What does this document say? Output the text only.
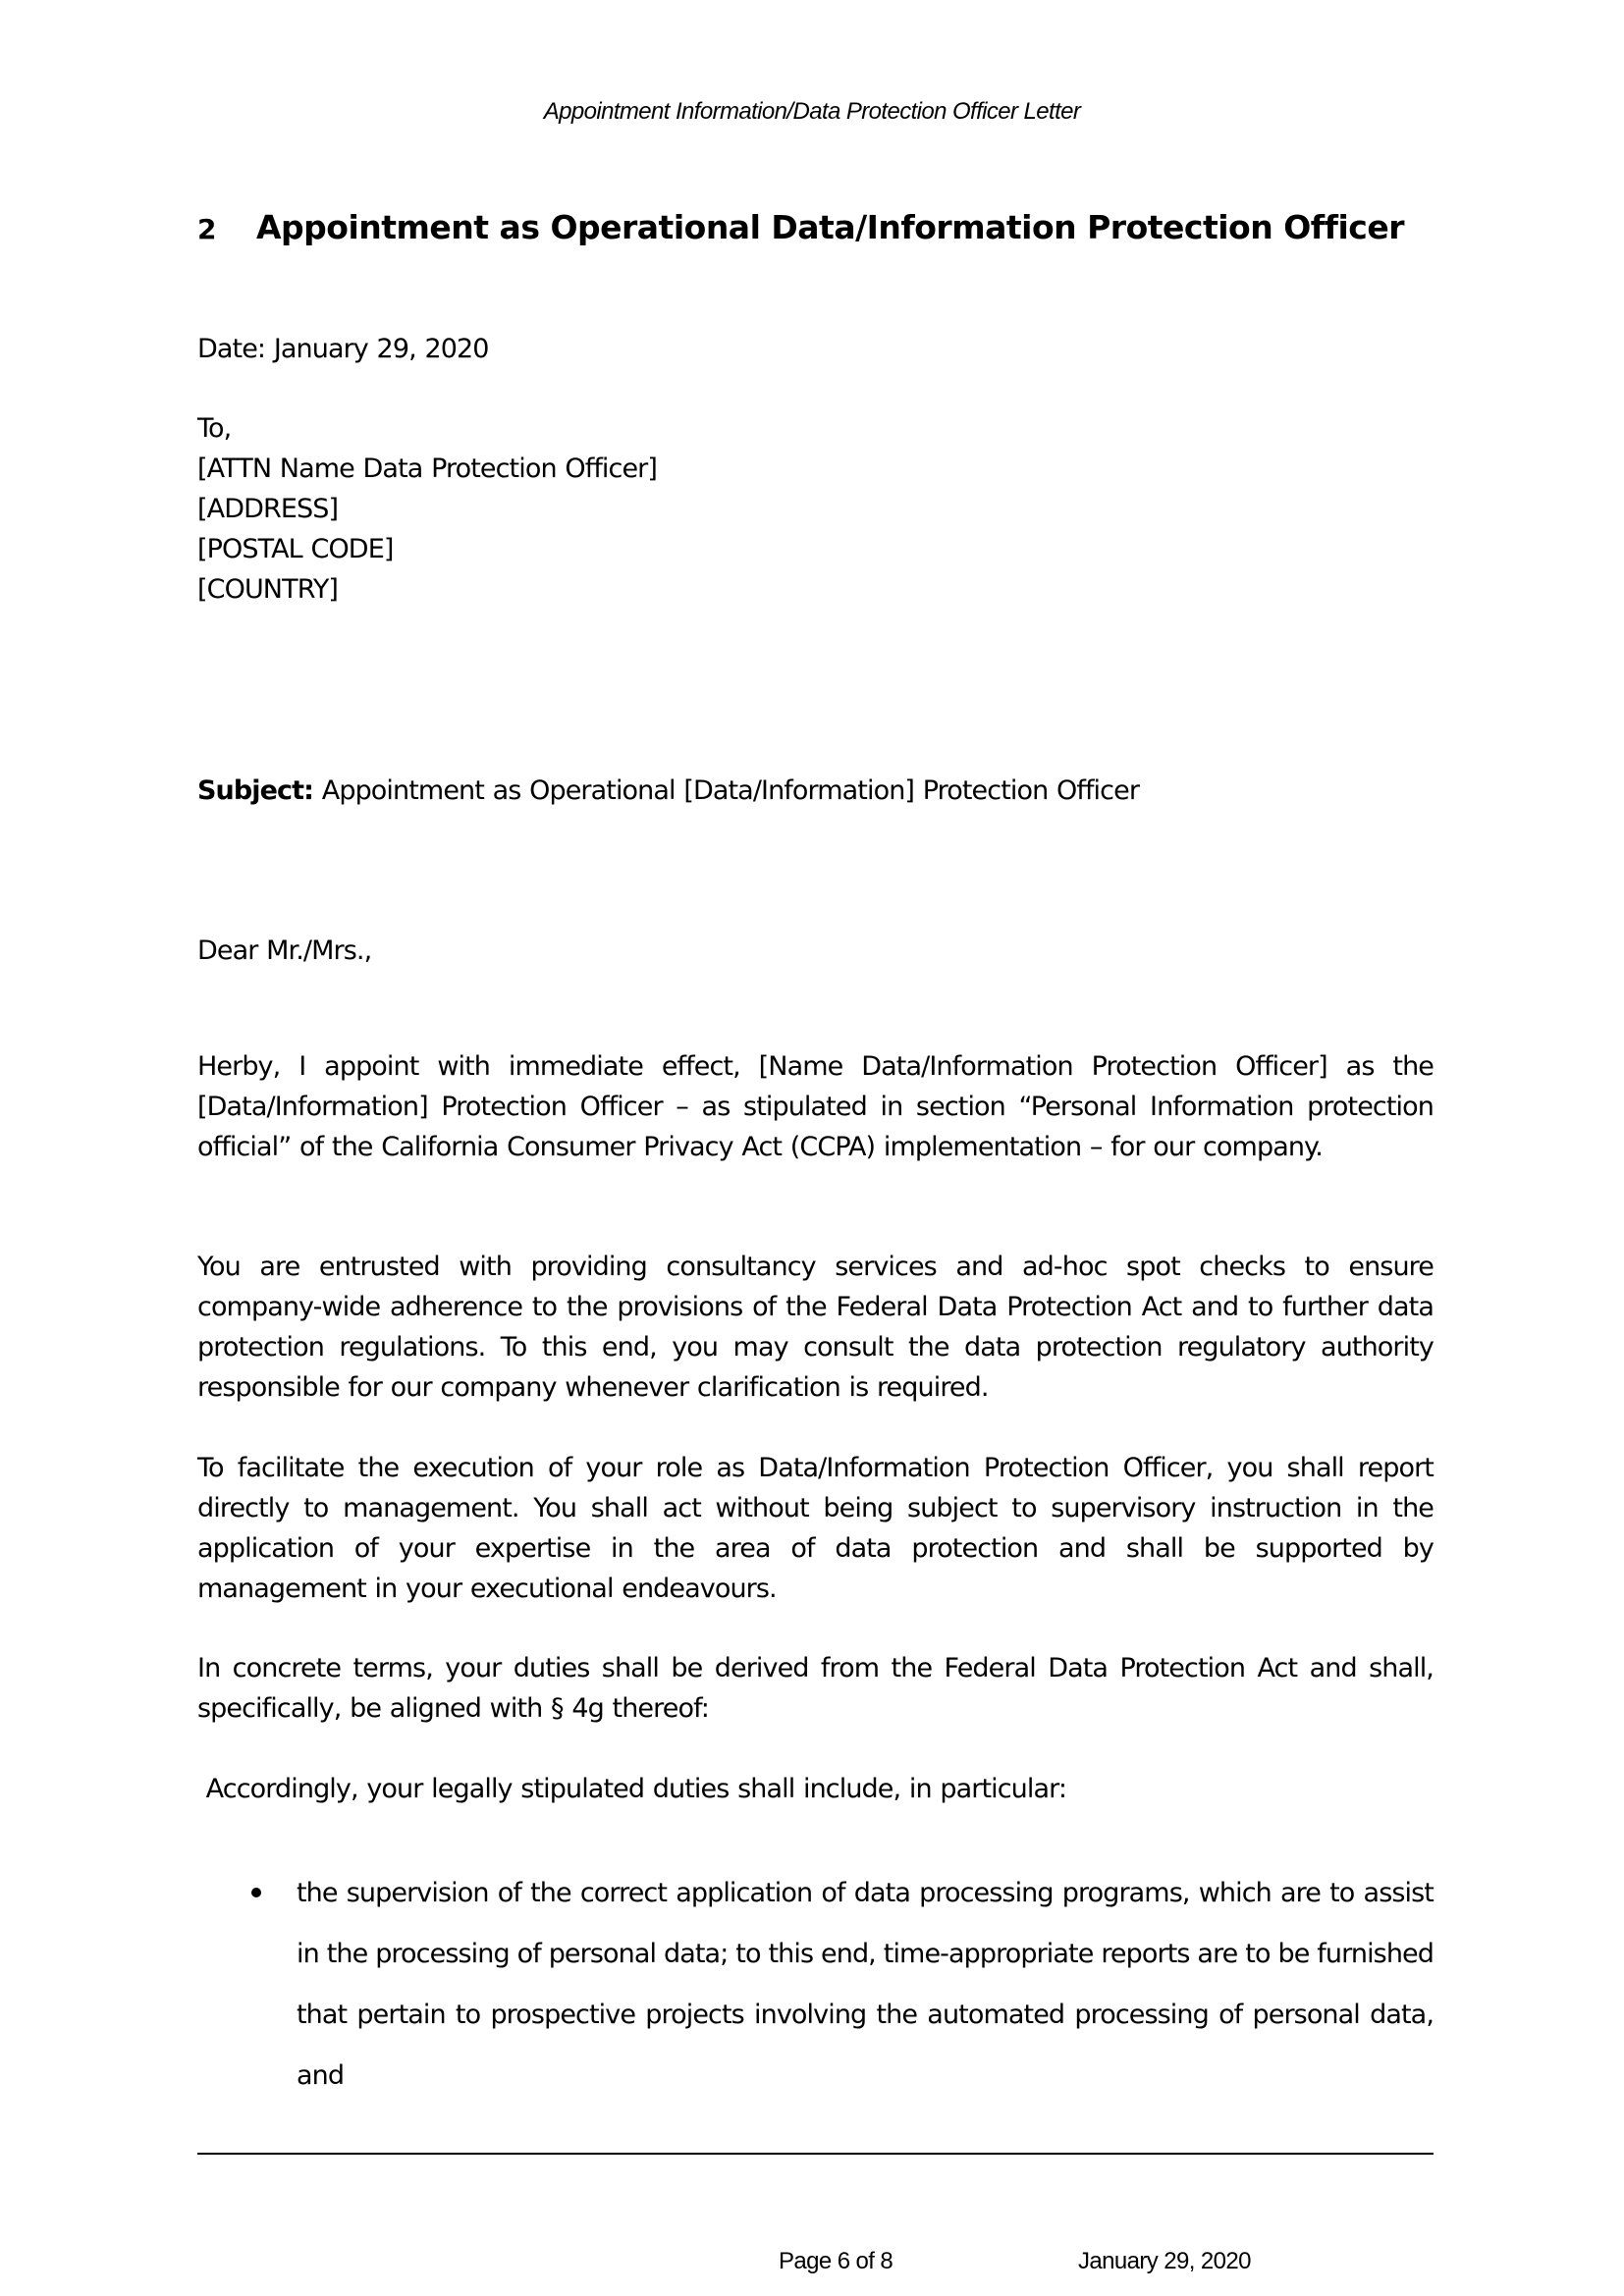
Appointment Information/Data Protection Officer Letter
2 Appointment as Operational Data/Information Protection Officer
Date: January 29, 2020
To,
[ATTN Name Data Protection Officer]
[ADDRESS]
[POSTAL CODE]
[COUNTRY]
Subject: Appointment as Operational [Data/Information] Protection Officer
Dear Mr./Mrs.,
Herby, I appoint with immediate effect, [Name Data/Information Protection Officer] as the [Data/Information] Protection Officer – as stipulated in section “Personal Information protection official” of the California Consumer Privacy Act (CCPA) implementation – for our company.
You are entrusted with providing consultancy services and ad-hoc spot checks to ensure company-wide adherence to the provisions of the Federal Data Protection Act and to further data protection regulations. To this end, you may consult the data protection regulatory authority responsible for our company whenever clarification is required.
To facilitate the execution of your role as Data/Information Protection Officer, you shall report directly to management. You shall act without being subject to supervisory instruction in the application of your expertise in the area of data protection and shall be supported by management in your executional endeavours.
In concrete terms, your duties shall be derived from the Federal Data Protection Act and shall, specifically, be aligned with § 4g thereof:
Accordingly, your legally stipulated duties shall include, in particular:
the supervision of the correct application of data processing programs, which are to assist in the processing of personal data; to this end, time-appropriate reports are to be furnished that pertain to prospective projects involving the automated processing of personal data, and
Page 6 of 8	January 29, 2020
